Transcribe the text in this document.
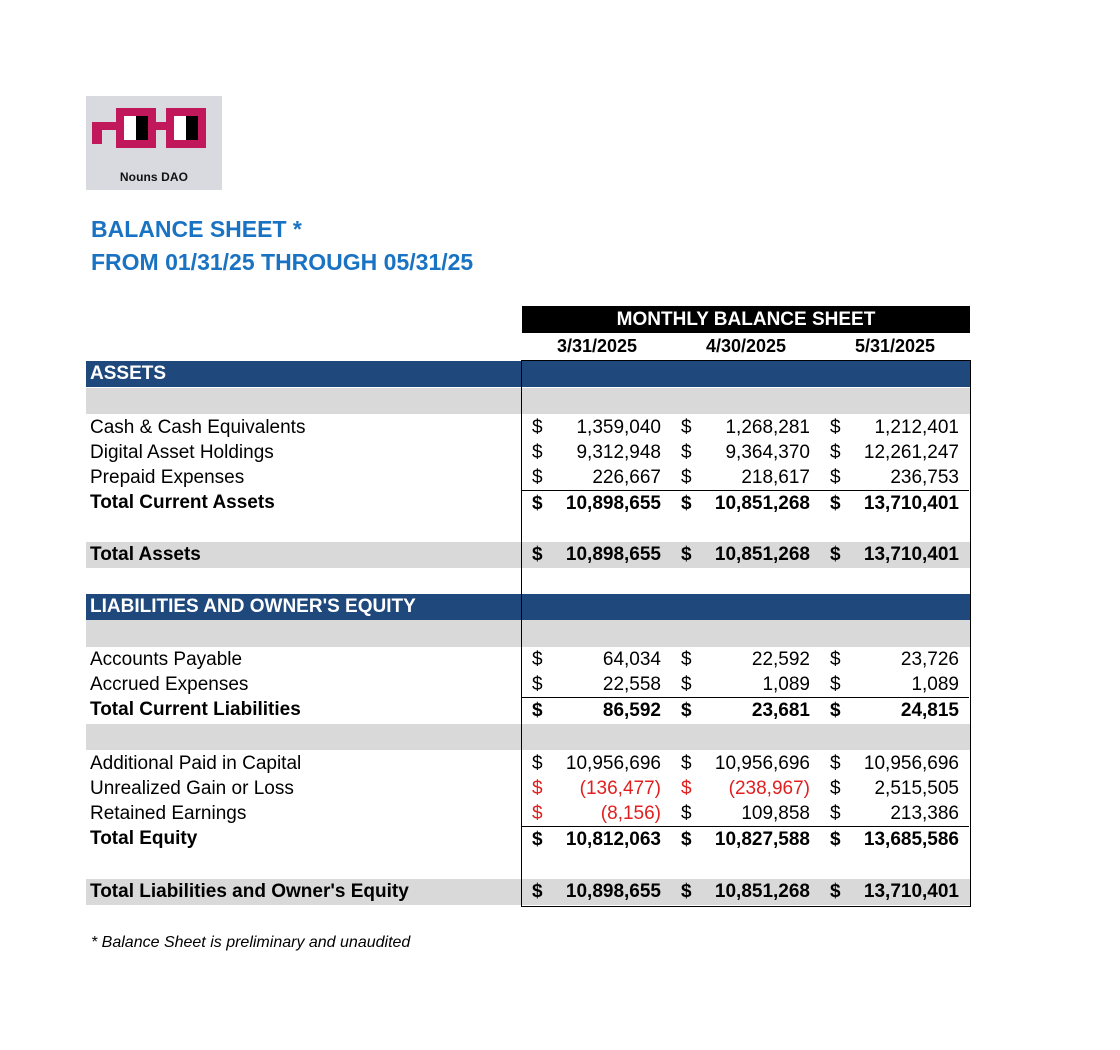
Nouns DAO
BALANCE SHEET *
FROM 01/31/25 THROUGH 05/31/25
MONTHLY BALANCE SHEET
3/31/2025	4/30/2025	5/31/2025
ASSETS
Cash & Cash Equivalents	$ 1,359,040 $ 1,268,281 $ 1,212,401
Digital Asset Holdings	$ 9,312,948 $ 9,364,370 $ 12,261,247
Prepaid Expenses	$	226,667 $	218,617 $	236,753
Total Current Assets	$ 10,898,655 $ 10,851,268 $ 13,710,401
Total Assets	$ 10,898,655 $ 10,851,268 $ 13,710,401
LIABILITIES AND OWNER'S EQUITY
Accounts Payable	$	64,034 $	22,592 $	23,726
Accrued Expenses	$	22,558 $	1,089 $	1,089
Total Current Liabilities	$	86,592 $	23,681 $	24,815
Additional Paid in Capital	$ 10,956,696 $ 10,956,696 $ 10,956,696
Unrealized Gain or Loss	$ (136,477) $ (238,967) $ 2,515,505
Retained Earnings	$	(8,156) $	109,858 $	213,386
Total Equity	$ 10,812,063 $ 10,827,588 $ 13,685,586
Total Liabilities and Owner's Equity	$ 10,898,655 $ 10,851,268 $ 13,710,401
* Balance Sheet is preliminary and unaudited
